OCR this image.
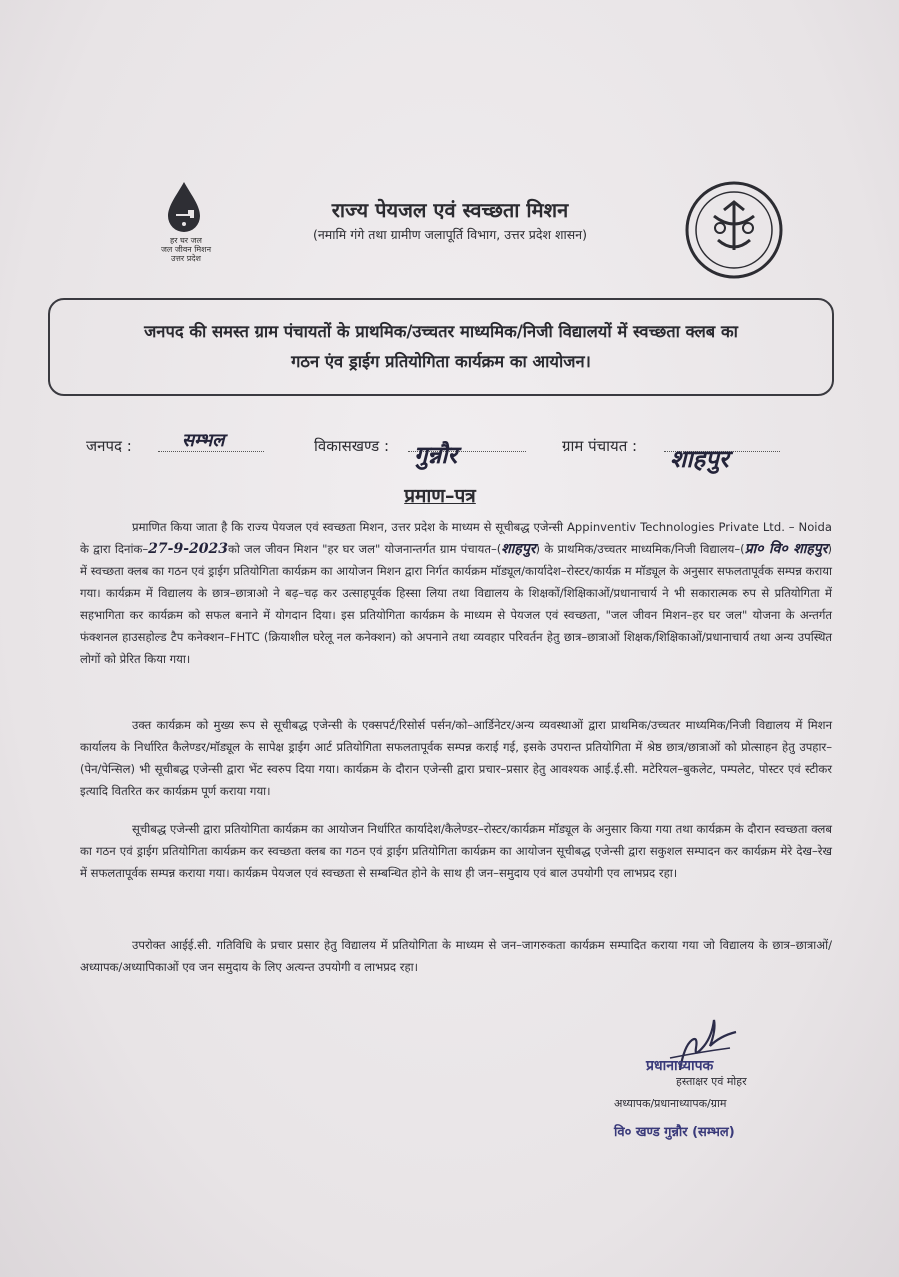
हर घर जल
जल जीवन मिशन
उत्तर प्रदेश
राज्य पेयजल एवं स्वच्छता मिशन
(नमामि गंगे तथा ग्रामीण जलापूर्ति विभाग, उत्तर प्रदेश शासन)
जनपद की समस्त ग्राम पंचायतों के प्राथमिक/उच्चतर माध्यमिक/निजी विद्यालयों में स्वच्छता क्लब का
गठन एंव ड्राईग प्रतियोगिता कार्यक्रम का आयोजन।
जनपद :	सम्भल	विकासखण्ड : गुन्नौर	ग्राम पंचायत : शाहपुर
प्रमाण–पत्र
प्रमाणित किया जाता है कि राज्य पेयजल एवं स्वच्छता मिशन, उत्तर प्रदेश के माध्यम से सूचीबद्ध एजेन्सी Appinventiv Technologies Private Ltd. – Noida के द्वारा दिनांक–27-9-2023को जल जीवन मिशन "हर घर जल" योजनान्तर्गत ग्राम पंचायत–(शाहपुर) के प्राथमिक/उच्चतर माध्यमिक/निजी विद्यालय–(प्रा० वि० शाहपुर) में स्वच्छता क्लब का गठन एवं ड्राईग प्रतियोगिता कार्यक्रम का आयोजन मिशन द्वारा निर्गत कार्यक्रम मॉड्यूल/कार्यादेश–रोस्टर/कार्यक्र म मॉड्यूल के अनुसार सफलतापूर्वक सम्पन्न कराया गया। कार्यक्रम में विद्यालय के छात्र–छात्राओ ने बढ़–चढ़ कर उत्साहपूर्वक हिस्सा लिया तथा विद्यालय के शिक्षकों/शिक्षिकाओं/प्रधानाचार्य ने भी सकारात्मक रुप से प्रतियोगिता में सहभागिता कर कार्यक्रम को सफल बनाने में योगदान दिया। इस प्रतियोगिता कार्यक्रम के माध्यम से पेयजल एवं स्वच्छता, "जल जीवन मिशन–हर घर जल" योजना के अन्तर्गत फंक्शनल हाउसहोल्ड टैप कनेक्शन–FHTC (क्रियाशील घरेलू नल कनेक्शन) को अपनाने तथा व्यवहार परिवर्तन हेतु छात्र–छात्राओं शिक्षक/शिक्षिकाओं/प्रधानाचार्य तथा अन्य उपस्थित लोगों को प्रेरित किया गया।
उक्त कार्यक्रम को मुख्य रूप से सूचीबद्ध एजेन्सी के एक्सपर्ट/रिसोर्स पर्सन/को–आर्डिनेटर/अन्य व्यवस्थाओं द्वारा प्राथमिक/उच्चतर माध्यमिक/निजी विद्यालय में मिशन कार्यालय के निर्धारित कैलेण्डर/मॉड्यूल के सापेक्ष ड्राईग आर्ट प्रतियोगिता सफलतापूर्वक सम्पन्न कराई गई, इसके उपरान्त प्रतियोगिता में श्रेष्ठ छात्र/छात्राओं को प्रोत्साहन हेतु उपहार–(पेन/पेन्सिल) भी सूचीबद्ध एजेन्सी द्वारा भेंट स्वरुप दिया गया। कार्यक्रम के दौरान एजेन्सी द्वारा प्रचार–प्रसार हेतु आवश्यक आई.ई.सी. मटेरियल–बुकलेट, पम्पलेट, पोस्टर एवं स्टीकर इत्यादि वितरित कर कार्यक्रम पूर्ण कराया गया।
सूचीबद्ध एजेन्सी द्वारा प्रतियोगिता कार्यक्रम का आयोजन निर्धारित कार्यादेश/कैलेण्डर–रोस्टर/कार्यक्रम मॉड्यूल के अनुसार किया गया तथा कार्यक्रम के दौरान स्वच्छता क्लब का गठन एवं ड्राईग प्रतियोगिता कार्यक्रम कर स्वच्छता क्लब का गठन एवं ड्राईग प्रतियोगिता कार्यक्रम का आयोजन सूचीबद्ध एजेन्सी द्वारा सकुशल सम्पादन कर कार्यक्रम मेरे देख–रेख में सफलतापूर्वक सम्पन्न कराया गया। कार्यक्रम पेयजल एवं स्वच्छता से सम्बन्धित होने के साथ ही जन–समुदाय एवं बाल उपयोगी एव लाभप्रद रहा।
उपरोक्त आईई.सी. गतिविधि के प्रचार प्रसार हेतु विद्यालय में प्रतियोगिता के माध्यम से जन–जागरुकता कार्यक्रम सम्पादित कराया गया जो विद्यालय के छात्र–छात्राओं/अध्यापक/अध्यापिकाओं एव जन समुदाय के लिए अत्यन्त उपयोगी व लाभप्रद रहा।
प्रधानाध्यापक
हस्ताक्षर एवं मोहर
अध्यापक/प्रधानाध्यापक/ग्राम
वि० खण्ड गुन्नौर (सम्भल)
